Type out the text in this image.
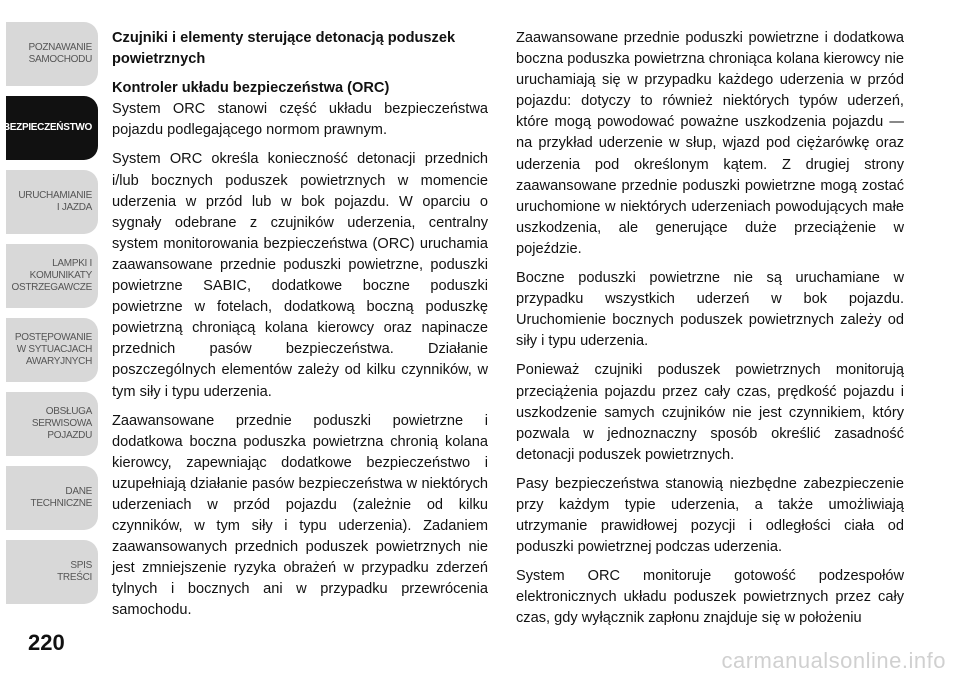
POZNAWANIE
SAMOCHODU
BEZPIECZEŃSTWO
URUCHAMIANIE
I JAZDA
LAMPKI I
KOMUNIKATY
OSTRZEGAWCZE
POSTĘPOWANIE
W SYTUACJACH
AWARYJNYCH
OBSŁUGA
SERWISOWA
POJAZDU
DANE
TECHNICZNE
SPIS
TREŚCI
220
Czujniki i elementy sterujące detonacją poduszek powietrznych
Kontroler układu bezpieczeństwa (ORC)

System ORC stanowi część układu bezpieczeństwa pojazdu podlegającego normom prawnym.

System ORC określa konieczność detonacji przednich i/lub bocznych poduszek powietrznych w momencie uderzenia w przód lub w bok pojazdu. W oparciu o sygnały odebrane z czujników uderzenia, centralny system monitorowania bezpieczeństwa (ORC) uruchamia zaawansowane przednie poduszki powietrzne, poduszki powietrzne SABIC, dodatkowe boczne poduszki powietrzne w fotelach, dodatkową boczną poduszkę powietrzną chroniącą kolana kierowcy oraz napinacze przednich pasów bezpieczeństwa. Działanie poszczególnych elementów zależy od kilku czynników, w tym siły i typu uderzenia.

Zaawansowane przednie poduszki powietrzne i dodatkowa boczna poduszka powietrzna chronią kolana kierowcy, zapewniając dodatkowe bezpieczeństwo i uzupełniają działanie pasów bezpieczeństwa w niektórych uderzeniach w przód pojazdu (zależnie od kilku czynników, w tym siły i typu uderzenia). Zadaniem zaawansowanych przednich poduszek powietrznych nie jest zmniejszenie ryzyka obrażeń w przypadku zderzeń tylnych i bocznych ani w przypadku przewrócenia samochodu.

Zaawansowane przednie poduszki powietrzne i dodatkowa boczna poduszka powietrzna chroniąca kolana kierowcy nie uruchamiają się w przypadku każdego uderzenia w przód pojazdu: dotyczy to również niektórych typów uderzeń, które mogą powodować poważne uszkodzenia pojazdu — na przykład uderzenie w słup, wjazd pod ciężarówkę oraz uderzenia pod określonym kątem. Z drugiej strony zaawansowane przednie poduszki powietrzne mogą zostać uruchomione w niektórych uderzeniach powodujących małe uszkodzenia, ale generujące duże przeciążenie w pojeździe.

Boczne poduszki powietrzne nie są uruchamiane w przypadku wszystkich uderzeń w bok pojazdu. Uruchomienie bocznych poduszek powietrznych zależy od siły i typu uderzenia.

Ponieważ czujniki poduszek powietrznych monitorują przeciążenia pojazdu przez cały czas, prędkość pojazdu i uszkodzenie samych czujników nie jest czynnikiem, który pozwala w jednoznaczny sposób określić zasadność detonacji poduszek powietrznych.

Pasy bezpieczeństwa stanowią niezbędne zabezpieczenie przy każdym typie uderzenia, a także umożliwiają utrzymanie prawidłowej pozycji i odległości ciała od poduszki powietrznej podczas uderzenia.

System ORC monitoruje gotowość podzespołów elektronicznych układu poduszek powietrznych przez cały czas, gdy wyłącznik zapłonu znajduje się w położeniu

carmanualsonline.info
